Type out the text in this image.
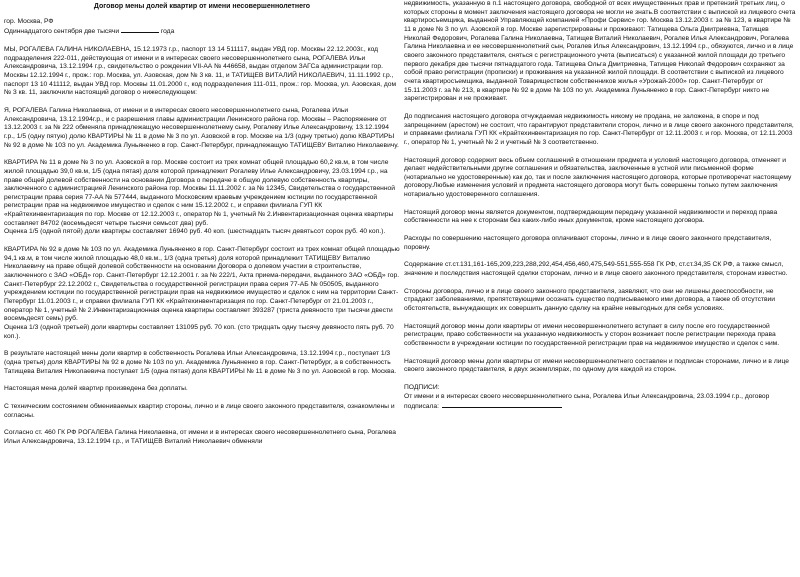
Договор мены долей квартир от имени несовершеннолетнего

гор. Москва, РФ

Одиннадцатого сентября две тысячи	года

МЫ, РОГАЛЕВА ГАЛИНА НИКОЛАЕВНА, 15.12.1973 г.р., паспорт 13 14 511117, выдан УВД гор. Москвы 22.12.2003г., код подразделения 222-011, действующая от имени и в интересах своего несовершеннолетнего сына, РОГАЛЕВА Ильи Александровича, 13.12.1994 г.р., свидетельство о рождении VII-АА № 446658, выдан отделом ЗАГСа администрации гор. Москвы 12.12.1994 г., прож.: гор. Москва, ул. Азовская, дом № 3 кв. 11, и ТАТИЩЕВ ВИТАЛИЙ НИКОЛАЕВИЧ, 11.11.1992 г.р., паспорт 13 10 411112, выдан УВД гор. Москвы 11.01.2000 г., код подразделения 111-011, прож.: гор. Москва, ул. Азовская, дом № 3 кв. 11, заключили настоящий договор о нижеследующем:

Я, РОГАЛЕВА Галина Николаевна, от имени и в интересах своего несовершеннолетнего сына, Рогалева Ильи Александровича, 13.12.1994г.р., и с разрешения главы администрации Ленинского района гор. Москвы – Распоряжение от 13.12.2003 г. за № 222 обменяла принадлежащую несовершеннолетнему сыну, Рогалеву Илье Александровичу, 13.12.1994 г.р., 1/5 (одну пятую) долю КВАРТИРЫ № 11 в доме № 3 по ул. Азовской в гор. Москве на 1/3 (одну третью) долю КВАРТИРЫ № 92 в доме № 103 по ул. Академика Луньяненко в гор. Санкт-Петербург, принадлежащую ТАТИЩЕВУ Виталию Николаевичу.

КВАРТИРА № 11 в доме № 3 по ул. Азовской в гор. Москве состоит из трех комнат общей площадью 60,2 кв.м, в том числе жилой площадью 39,0 кв.м, 1/5 (одна пятая) доля которой принадлежит Рогалеву Илье Александровичу, 23.03.1994 г.р., на праве общей долевой собственности на основании Договора о передаче в общую долевую собственность квартиры, заключенного с администрацией Ленинского района гор. Москвы 11.11.2002 г. за № 12345, Свидетельства о государственной регистрации права серия 77-АА № 577444, выданного Московским краевым учреждением юстиции по государственной регистрации прав на недвижимое имущество и сделок с ним 15.12.2002 г., и справки филиала ГУП КК «Крайтехинвентаризация по гор. Москве от 12.12.2003 г., оператор № 1, учетный № 2.Инвентаризационная оценка квартиры составляет 84702 (восемьдесят четыре тысячи семьсот два) руб.

Оценка 1/5 (одной пятой) доли квартиры составляет 16940 руб. 40 коп. (шестнадцать тысяч девятьсот сорок руб. 40 коп.).

КВАРТИРА № 92 в доме № 103 по ул. Академика Луньяненко в гор. Санкт-Петербург состоит из трех комнат общей площадью 94,1 кв.м, в том числе жилой площадью 48,0 кв.м., 1/3 (одна третья) доля которой принадлежит ТАТИЩЕВУ Виталию Николаевичу на праве общей долевой собственности на основании Договора о долевом участии в строительстве, заключенного с ЗАО «ОБД» гор. Санкт-Петербург 12.12.2001 г. за № 222/1, Акта приема-передачи, выданного ЗАО «ОБД» гор. Санкт-Петербург 22.12.2002 г., Свидетельства о государственной регистрации права серия 77-АБ № 050505, выданного учреждением юстиции по государственной регистрации прав на недвижимое имущество и сделок с ним на территории Санкт-Петербург 11.01.2003 г., и справки филиала ГУП КК «Крайтехинвентаризация по гор. Санкт-Петербург от 21.01.2003 г., оператор № 1, учетный № 2.Инвентаризационная оценка квартиры составляет 393287 (триста девяносто три тысячи двести восемьдесят семь) руб.

Оценка 1/3 (одной третьей) доли квартиры составляет 131095 руб. 70 коп. (сто тридцать одну тысячу девяносто пять руб. 70 коп.).

В результате настоящей мены доли квартир в собственность Рогалева Ильи Александровича, 13.12.1994 г.р., поступает 1/3 (одна третья) доля КВАРТИРЫ № 92 в доме № 103 по ул. Академика Луньяненко в гор. Санкт-Петербург, а в собственность Татищева Виталия Николаевича поступает 1/5 (одна пятая) доля КВАРТИРЫ № 11 в доме № 3 по ул. Азовской в гор. Москва.

Настоящая мена долей квартир произведена без доплаты.

С техническим состоянием обмениваемых квартир стороны, лично и в лице своего законного представителя, ознакомлены и согласны.

Согласно ст. 460 ГК РФ РОГАЛЕВА Галина Николаевна, от имени и в интересах своего несовершеннолетнего сына, Рогалева Ильи Александровича, 13.12.1994 г.р., и ТАТИЩЕВ Виталий Николаевич обменяли

недвижимость, указанную в п.1 настоящего договора, свободной от всех имущественных прав и претензий третьих лиц, о которых стороны в момент заключения настоящего договора не могли не знать.В соответствии с выпиской из лицевого счета квартиросъемщика, выданной Управляющей компанией «Профи Сервис» гор. Москва 13.12.2003 г. за № 123, в квартире № 11 в доме № 3 по ул. Азовской в гор. Москве зарегистрированы и проживают: Татищева Ольга Дмитриевна, Татищев Николай Федорович, Рогалева Галина Николаевна, Татищев Виталий Николаевич, Рогалев Илья Александрович, Рогалева Галина Николаевна и ее несовершеннолетний сын, Рогалев Илья Александрович, 13.12.1994 г.р., обязуются, лично и в лице своего законного представителя, сняться с регистрационного учета (выписаться) с указанной жилой площади до третьего первого декабря две тысячи пятнадцатого года. Татищева Ольга Дмитриевна, Татищев Николай Федорович сохраняют за собой право регистрации (прописки) и проживания на указанной жилой площади. В соответствии с выпиской из лицевого счета квартиросъемщика, выданной Товариществом собственников жилья «Урожай-2000» гор. Санкт-Петербург от 15.11.2003 г. за № 213, в квартире № 92 в доме № 103 по ул. Академика Луньяненко в гор. Санкт-Петербург никто не зарегистрирован и не проживает.

До подписания настоящего договора отчуждаемая недвижимость никому не продана, не заложена, в споре и под запрещением (арестом) не состоит, что гарантируют представители сторон, лично и в лице своего законного представителя, и справками филиала ГУП КК «Крайтехинвентаризация по гор. Санкт-Петербург от 12.11.2003 г. и гор. Москва, от 12.11.2003 г., оператор № 1, учетный № 2 и учетный № 3 соответственно.

Настоящий договор содержит весь объем соглашений в отношении предмета и условий настоящего договора, отменяет и делает недействительными другие соглашения и обязательства, заключенные в устной или письменной форме (нотариально не удостоверенные) как до, так и после заключения настоящего договора, которые противоречат настоящему договору.Любые изменения условий и предмета настоящего договора могут быть совершены только путем заключения нотариально удостоверенного соглашения.

Настоящий договор мены является документом, подтверждающим передачу указанной недвижимости и переход права собственности на нее к сторонам без каких-либо иных документов, кроме настоящего договора.

Расходы по совершению настоящего договора оплачивают стороны, лично и в лице своего законного представителя, поровну.

Содержание ст.ст.131,161-165,209,223,288,292,454,456,460,475,549-551,555-558 ГК РФ, ст.ст.34,35 СК РФ, а также смысл, значение и последствия настоящей сделки сторонам, лично и в лице своего законного представителя, сторонам известно.

Стороны договора, лично и в лице своего законного представителя, заявляют, что они не лишены дееспособности, не страдают заболеваниями, препятствующими осознать существо подписываемого ими договора, а также об отсутствии обстоятельств, вынуждающих их совершить данную сделку на крайне невыгодных для себя условиях.

Настоящий договор мены доли квартиры от имени несовершеннолетнего вступает в силу после его государственной регистрации, право собственности на указанную недвижимость у сторон возникает после регистрации перехода права собственности в учреждении юстиции по государственной регистрации прав на недвижимое имущество и сделок с ним.

Настоящий договор мены доли квартиры от имени несовершеннолетнего составлен и подписан сторонами, лично и в лице своего законного представителя, в двух экземплярах, по одному для каждой из сторон.

ПОДПИСИ:

От имени и в интересах своего несовершеннолетнего сына, Рогалева Ильи Александровича, 23.03.1994 г.р., договор подписала:
